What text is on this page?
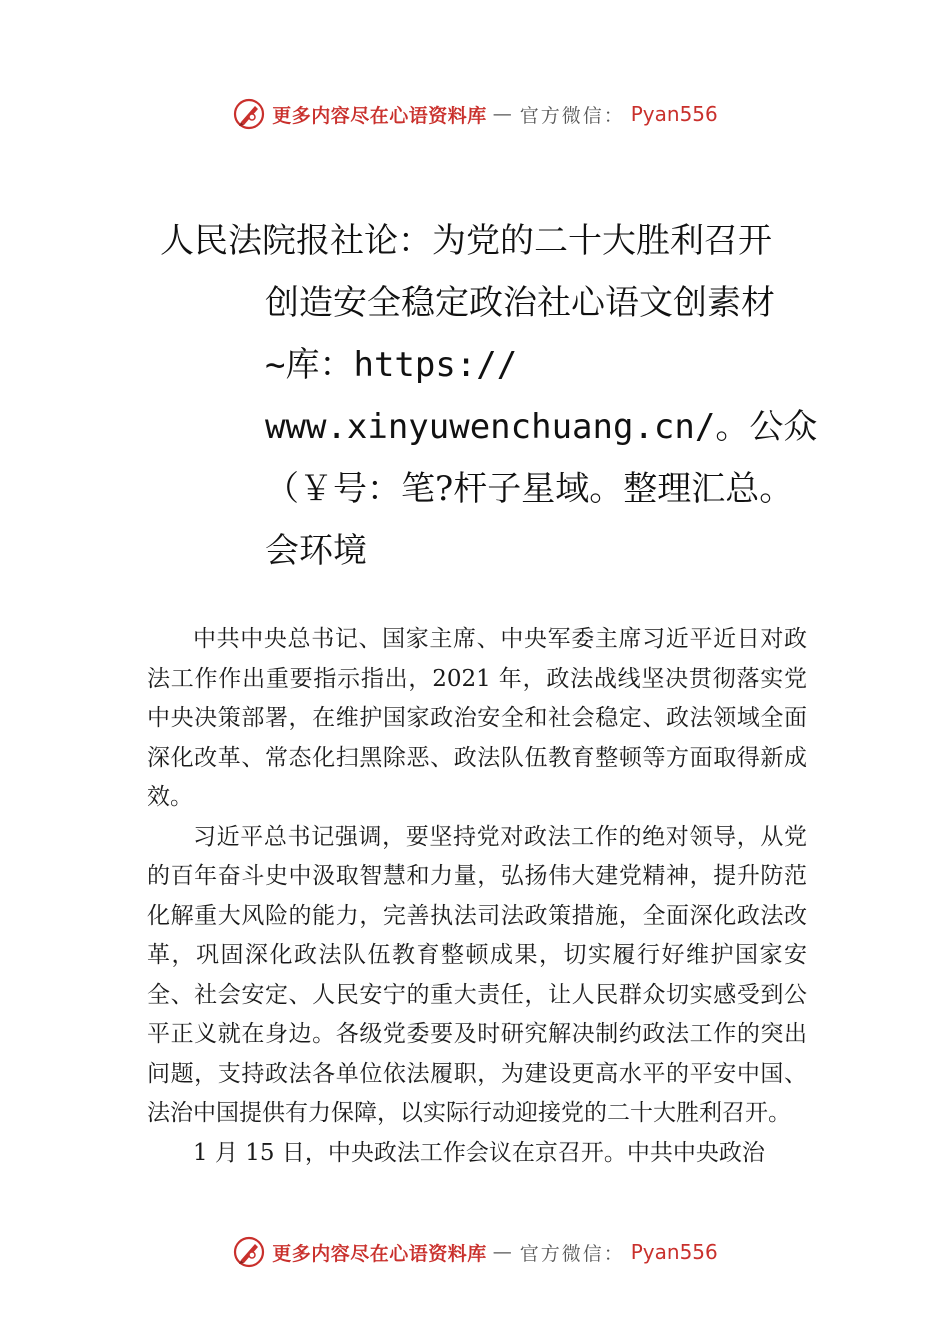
更多内容尽在心语资料库 — 官方微信： Pyan556
人民法院报社论：为党的二十大胜利召开
创造安全稳定政治社心语文创素材
~库：https://
www.xinyuwenchuang.cn/。公众
（￥号：笔?杆子星域。整理汇总。
会环境

中共中央总书记、国家主席、中央军委主席习近平近日对政法工作作出重要指示指出，2021 年，政法战线坚决贯彻落实党中央决策部署，在维护国家政治安全和社会稳定、政法领域全面深化改革、常态化扫黑除恶、政法队伍教育整顿等方面取得新成效。

习近平总书记强调，要坚持党对政法工作的绝对领导，从党的百年奋斗史中汲取智慧和力量，弘扬伟大建党精神，提升防范化解重大风险的能力，完善执法司法政策措施，全面深化政法改革，巩固深化政法队伍教育整顿成果，切实履行好维护国家安全、社会安定、人民安宁的重大责任，让人民群众切实感受到公平正义就在身边。各级党委要及时研究解决制约政法工作的突出问题，支持政法各单位依法履职，为建设更高水平的平安中国、法治中国提供有力保障，以实际行动迎接党的二十大胜利召开。

1 月 15 日，中央政法工作会议在京召开。中共中央政治

更多内容尽在心语资料库 — 官方微信： Pyan556
